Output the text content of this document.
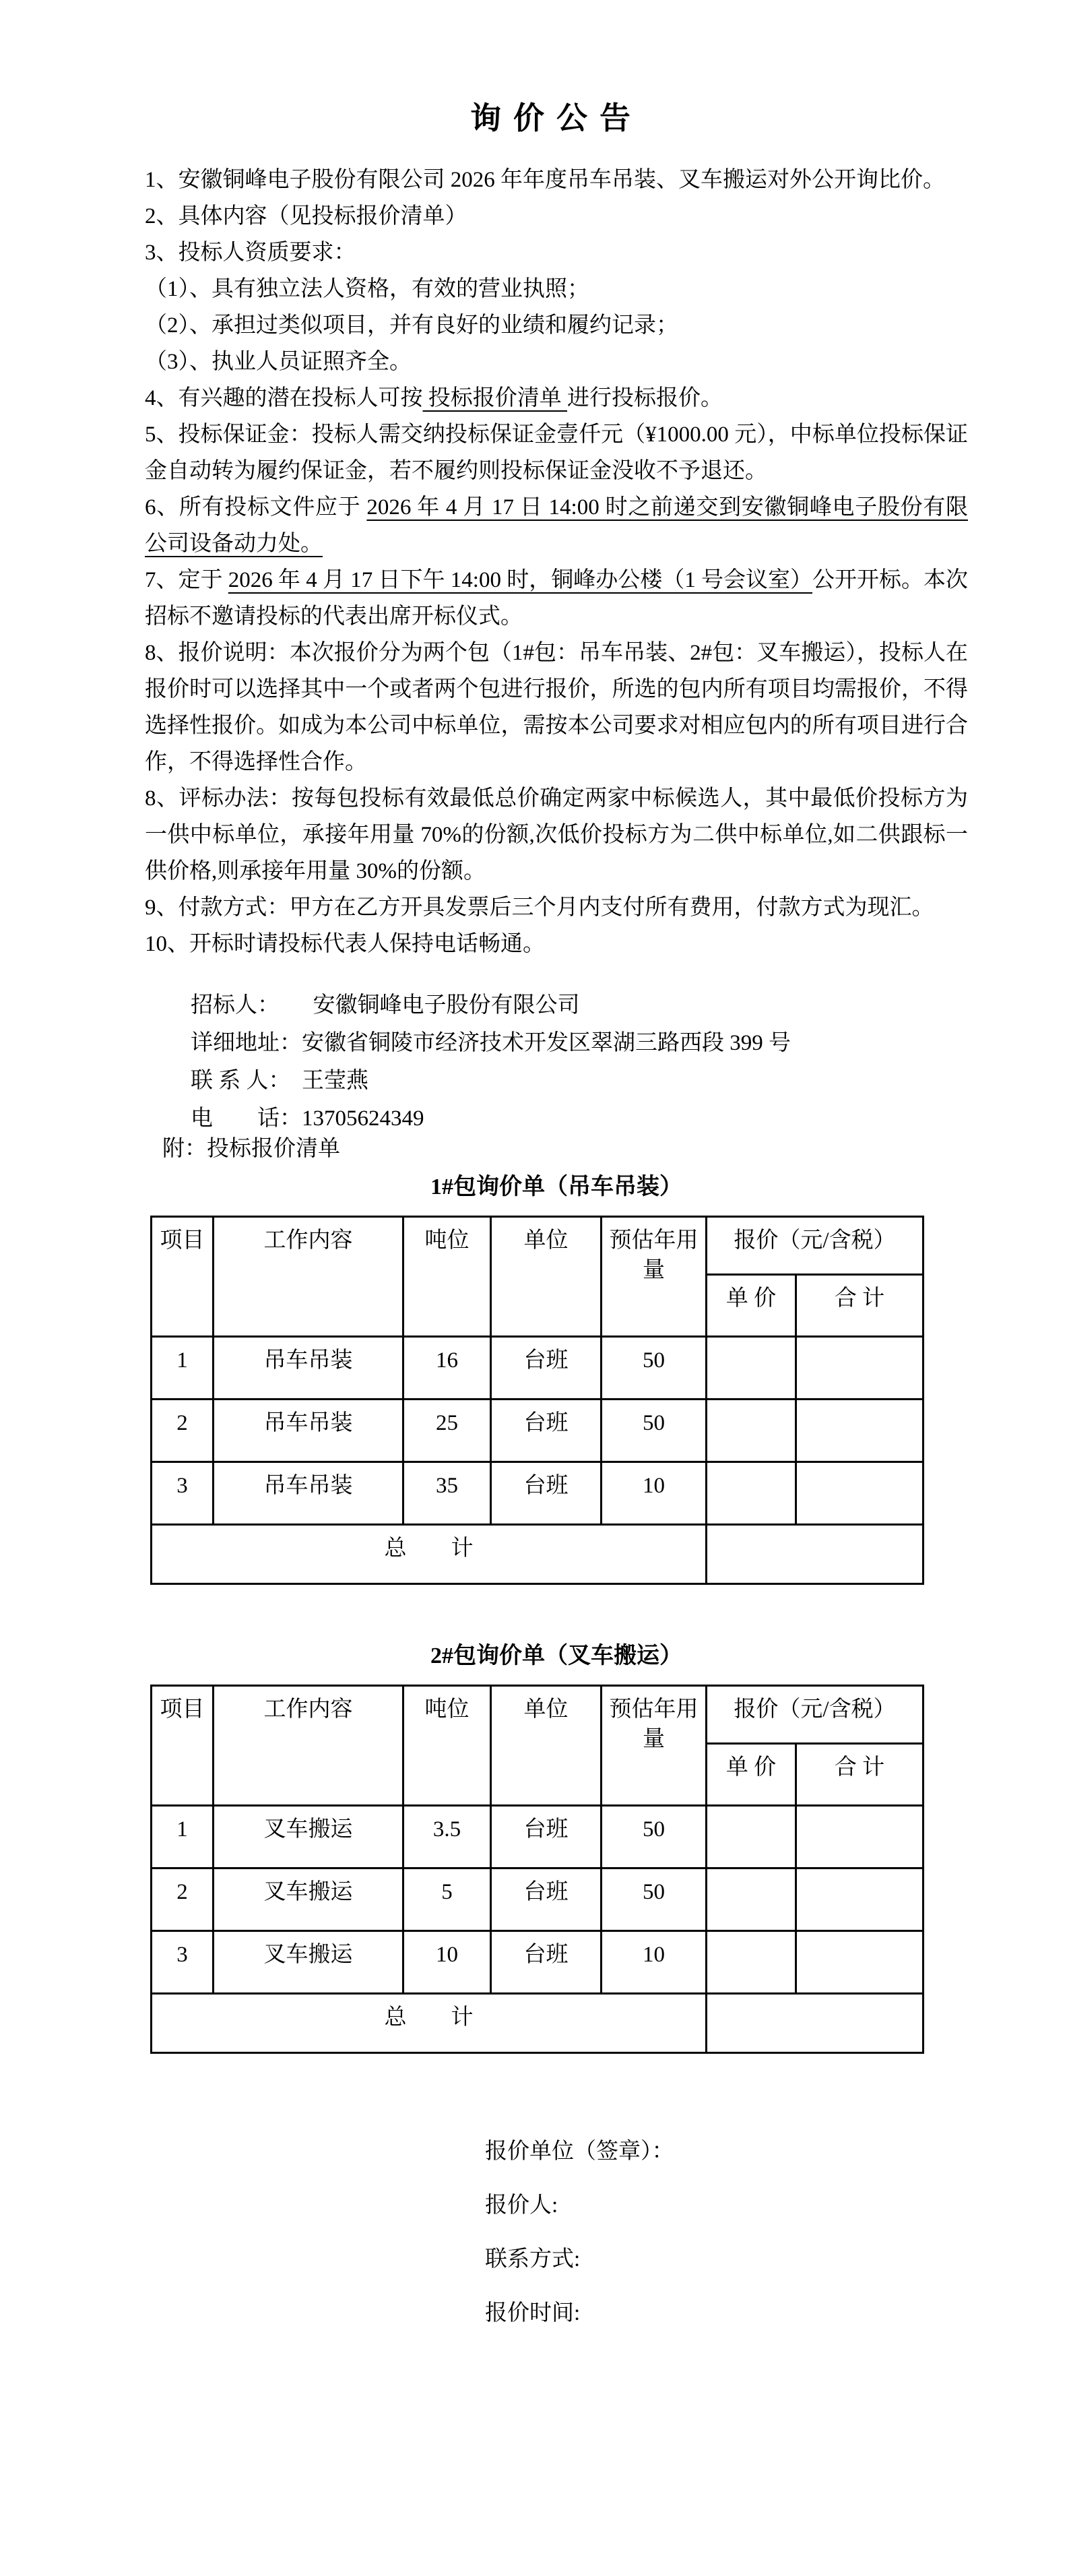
询价公告

1、安徽铜峰电子股份有限公司 2026 年年度吊车吊装、叉车搬运对外公开询比价。

2、具体内容（见投标报价清单）

3、投标人资质要求：

（1）、具有独立法人资格，有效的营业执照；

（2）、承担过类似项目，并有良好的业绩和履约记录；

（3）、执业人员证照齐全。

4、有兴趣的潜在投标人可按 投标报价清单 进行投标报价。

5、投标保证金：投标人需交纳投标保证金壹仟元（¥1000.00 元），中标单位投标保证金自动转为履约保证金，若不履约则投标保证金没收不予退还。

6、所有投标文件应于 2026 年 4 月 17 日 14:00 时之前递交到安徽铜峰电子股份有限公司设备动力处。

7、定于 2026 年 4 月 17 日下午 14:00 时，铜峰办公楼（1 号会议室）公开开标。本次招标不邀请投标的代表出席开标仪式。

8、报价说明：本次报价分为两个包（1#包：吊车吊装、2#包：叉车搬运），投标人在报价时可以选择其中一个或者两个包进行报价，所选的包内所有项目均需报价，不得选择性报价。如成为本公司中标单位，需按本公司要求对相应包内的所有项目进行合作，不得选择性合作。

8、评标办法：按每包投标有效最低总价确定两家中标候选人，其中最低价投标方为一供中标单位，承接年用量 70%的份额,次低价投标方为二供中标单位,如二供跟标一供价格,则承接年用量 30%的份额。

9、付款方式：甲方在乙方开具发票后三个月内支付所有费用，付款方式为现汇。

10、开标时请投标代表人保持电话畅通。

招标人：　　安徽铜峰电子股份有限公司

详细地址：安徽省铜陵市经济技术开发区翠湖三路西段 399 号

联 系 人：　王莹燕

电　　话：13705624349

附：投标报价清单

1#包询价单（吊车吊装）
项目	工作内容	吨位	单位	预估年用量	报价（元/含税）	
					单 价	合 计
1	吊车吊装	16	台班	50		
2	吊车吊装	25	台班	50		
3	吊车吊装	35	台班	10		
总　　计						
2#包询价单（叉车搬运）
项目	工作内容	吨位	单位	预估年用量	报价（元/含税）	
					单 价	合 计
1	叉车搬运	3.5	台班	50		
2	叉车搬运	5	台班	50		
3	叉车搬运	10	台班	10		
总　　计						

报价单位（签章）：

报价人:

联系方式:

报价时间:
